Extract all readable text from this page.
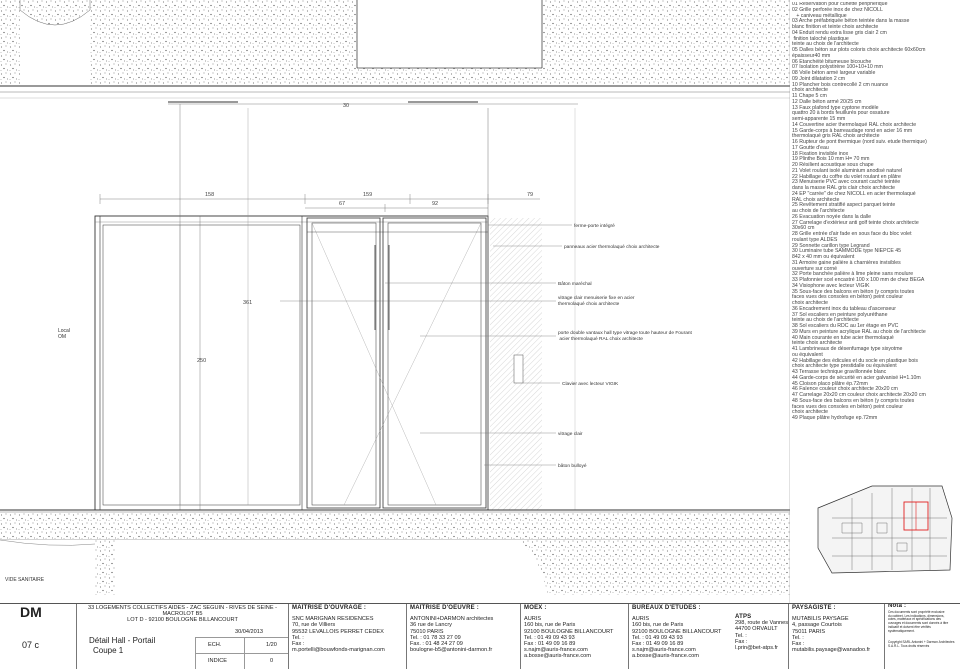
30
158	159	79
67	92
361
250
Local OM
ferme-porte intégré
panneaux acier thermolaqué choix architecte
Bâton maréchal
vitrage clair menuiserie fixe en acier thermolaqué choix architecte
porte double vantaux hall type vitrage toute hauteur de Fourant acier thermolaqué RAL choix architecte
Clavier avec lecteur VIGIK
vitrage clair
bâton bulloyé
VIDE SANITAIRE
01 Réservation pour cunette périphérique
02 Grille perforée inox de chez NICOLL
+ caniveau métallique
03 Arche préfabriquée béton teintée dans la masse
blanc finition et teinte choix architecte
04 Enduit rendu extra lisse gris clair 2 cm
finition taloché plastique
teinte au choix de l'architecte
05 Dalles béton sur plots coloris choix architecte 60x60cm
épaisseur40 mm
06 Etanchéité bitumeuse bicouche
07 Isolation polystirène 100+10+10 mm
08 Voile béton armé largeur variable
09 Joint dilatation 2 cm
10 Plancher bois contrecollé 2 cm nuance
choix architecte
11 Chape 5 cm
12 Dalle béton armé 20/25 cm
13 Faux plafond type cyptone modèle
quattro 20 à bords feuillurés pour ossature
semi-apparente 15 mm
14 Couvertine acier thermolaqué RAL choix architecte
15 Garde-corps à barreaudage rond en acier 16 mm
thermolaqué gris RAL choix architecte
16 Rupteur de pont thermique (nord suiv. etude thermique)
17 Goutte d'eau
18 Fixation invisible inox
19 Plinthe Bois 10 mm H= 70 mm
20 Résilient acoustique sous chape
21 Volet roulant isolé aluminium anodisé naturel
22 Habillage du coffre du volet roulant en plâtre
23 Menuiserie PVC avec courant caché teintée
dans la masse RAL gris clair choix architecte
24 EP "carrée" de chez NICOLL en acier thermolaqué
RAL choix architecte
25 Revêtement stratifié aspect parquet teinte
au choix de l'architecte
26 Evacuation noyée dans la dalle
27 Carrelage d'extérieur anti golf teinte choix architecte
30x60 cm
28 Grille entrée d'air fade en sous face du bloc volet
roulant type ALDES
29 Sonnette carillon type Legrand
30 Luminaire tube SAMMODE type NIEPCE 45
842 x 40 mm ou équivalent
31 Armoire gaine palière à charnières invisibles
ouverture sur corné
32 Porte banchée palière à lime pleine sans moulure
33 Plafonnier scel encastré 100 x 100 mm de chez BEGA
34 Visiophone avec lecteur VIGIK
35 Sous-face des balcons en béton (y compris toutes
faces vues des consoles en béton) peint couleur
choix architecte
36 Encadrement inox du tableau d'ascenseur
37 Sol escaliers en peinture polyuréthane
teinte au choix de l'architecte
38 Sol escaliers du RDC au 1er étage en PVC
39 Murs en peinture acrylique RAL au choix de l'architecte
40 Main courante en tube acier thermolaqué
teinte choix architecte
41 Lambrineaux de désenfumage type sixyotme
ou équivalent
42 Habillage des édicules et du socle en plastique bois
choix architecte type prestidalle ou équivalent
43 Terrasse technique gravillonnée blanc
44 Garde-corps de sécurité en acier galvanisé H=1.10m
45 Cloison placo plâtre ép.72mm
46 Faïence couleur choix architecte 20x20 cm
47 Carrelage 20x20 cm couleur choix architecte 20x20 cm
48 Sous-face des balcons en béton (y compris toutes
faces vues des consoles en béton) peint couleur
choix architecte
49 Plaque plâtre hydrofuge ep.72mm
DM
07 c
33 LOGEMENTS COLLECTIFS AIDES - ZAC SEGUIN - RIVES DE SEINE -
MACROLOT B5
LOT D - 92100 BOULOGNE BILLANCOURT
Détail Hall - Portail
Coupe 1
30/04/2013
ECH.	1/20
INDICE	0
MAÎTRISE D'OUVRAGE :
SNC MARIGNAN RESIDENCES
70, rue de Villiers
95532 LEVALLOIS PERRET CEDEX
Tel. :
Fax :
m.portelli@bouwfonds-marignan.com
MAÎTRISE D'OEUVRE :
ANTONINI+DARMON architectes
36 rue de Lancry
75010 PARIS
Tel. : 01 78 33 27 09
Fax. : 01 48 24 27 09
boulogne-b5@antonini-darmon.fr
MOEX :
AURIS
160 bis, rue de Paris
92100 BOULOGNE BILLANCOURT
Tel. : 01 49 09 43 93
Fax : 01 49 09 16 89
s.najm@auris-france.com
a.bosse@auris-france.com
BUREAUX D'ETUDES :
AURIS
160 bis, rue de Paris
92100 BOULOGNE BILLANCOURT
Tel. : 01 49 09 43 93
Fax : 01 49 09 16 89
s.najm@auris-france.com
a.bosse@auris-france.com
ATPS
298, route de Vannes
44700 ORVAULT
Tel. :
Fax :
l.prin@bet-atps.fr
PAYSAGISTE :
MUTABILIS PAYSAGE
4, passage Courtois
75011 PARIS
Tel. :
Fax :
mutabilis.paysage@wanadoo.fr
Nota :
Ces documents sont propriété exclusive
du cabinet. Les indications, dimensions,
cotes, matériaux et spécifications des
ouvrages et documents sont donnés à titre
indicatif et doivent être vérifiés
systématiquement.

Copyright SARL Antonini + Darmon Architectes
S.A.R.L. Tous droits réservés
